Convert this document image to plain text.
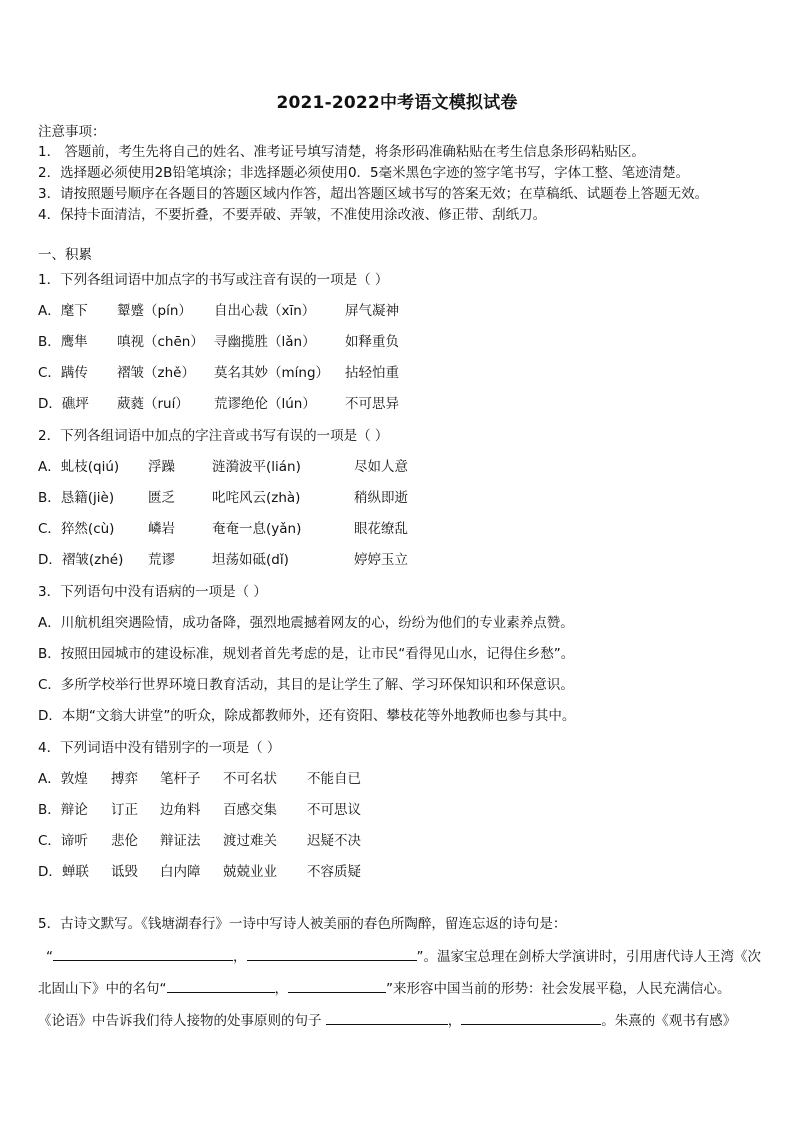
2021-2022中考语文模拟试卷
注意事项：
1． 答题前，考生先将自己的姓名、准考证号填写清楚，将条形码准确粘贴在考生信息条形码粘贴区。
2．选择题必须使用2B铅笔填涂；非选择题必须使用0．5毫米黑色字迹的签字笔书写，字体工整、笔迹清楚。
3．请按照题号顺序在各题目的答题区域内作答，超出答题区域书写的答案无效；在草稿纸、试题卷上答题无效。
4．保持卡面清洁，不要折叠，不要弄破、弄皱，不准使用涂改液、修正带、刮纸刀。
一、积累
1．下列各组词语中加点字的书写或注音有误的一项是（ ）
A．麾下 颦蹙（pín） 自出心裁（xīn） 屏气凝神
B．鹰隼 嗔视（chēn） 寻幽揽胜（lǎn） 如释重负
C．蹒传 褶皱（zhě） 莫名其妙（míng） 拈轻怕重
D．礁坪 葳蕤（ruí） 荒谬绝伦（lún） 不可思异
2．下列各组词语中加点的字注音或书写有误的一项是（ ）
A．虬枝(qiú) 浮躁	涟漪波平(lián)	尽如人意
B．恳籍(jiè)	匮乏	叱咤风云(zhà)	稍纵即逝
C．猝然(cù) 嶙岩	奄奄一息(yǎn)	眼花缭乱
D．褶皱(zhé) 荒谬	坦荡如砥(dǐ)	婷婷玉立
3．下列语句中没有语病的一项是（ ）
A．川航机组突遇险情，成功备降，强烈地震撼着网友的心，纷纷为他们的专业素养点赞。
B．按照田园城市的建设标准，规划者首先考虑的是，让市民“看得见山水，记得住乡愁”。
C．多所学校举行世界环境日教育活动，其目的是让学生了解、学习环保知识和环保意识。
D．本期“文翁大讲堂”的听众，除成都教师外，还有资阳、攀枝花等外地教师也参与其中。
4．下列词语中没有错别字的一项是（ ）
A．敦煌 搏弈 笔杆子 不可名状 不能自已
B．辩论 订正 边角料 百感交集 不可思议
C．谛听 悲伦 辩证法 渡过难关 迟疑不决
D．蝉联 诋毁 白内障 兢兢业业 不容质疑
5．古诗文默写。《钱塘湖春行》一诗中写诗人被美丽的春色所陶醉，留连忘返的诗句是：
“	，	”。温家宝总理在剑桥大学演讲时，引用唐代诗人王湾《次
北固山下》中的名句“	，	”来形容中国当前的形势：社会发展平稳，人民充满信心。
《论语》中告诉我们待人接物的处事原则的句子	，	。朱熹的《观书有感》
